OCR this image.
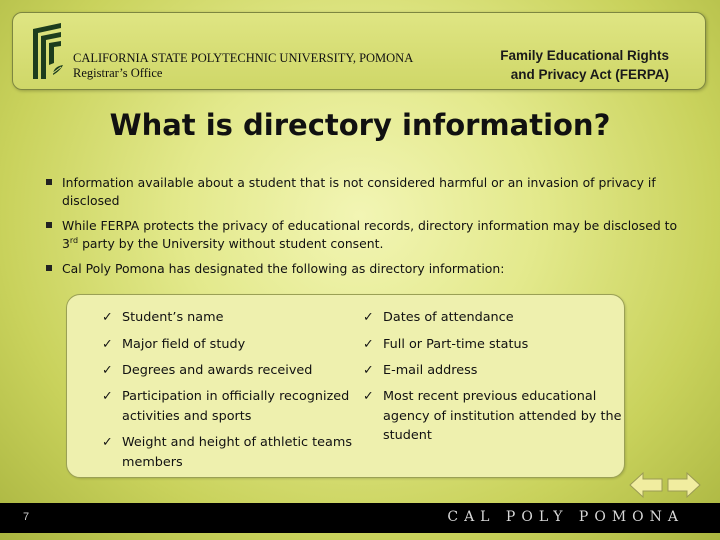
CALIFORNIA STATE POLYTECHNIC UNIVERSITY, POMONA
Registrar’s Office
Family Educational Rights
and Privacy Act (FERPA)
What is directory information?
Information available about a student that is not considered harmful or an invasion of privacy if disclosed
While FERPA protects the privacy of educational records, directory information may be disclosed to 3rd party by the University without student consent.
Cal Poly Pomona has designated the following as directory information:
✓ Student’s name
✓ Major field of study
✓ Degrees and awards received
✓ Participation in officially recognized activities and sports
✓ Weight and height of athletic teams members
✓ Dates of attendance
✓ Full or Part-time status
✓ E-mail address
✓ Most recent previous educational agency of institution attended by the student
7	CAL POLY POMONA
